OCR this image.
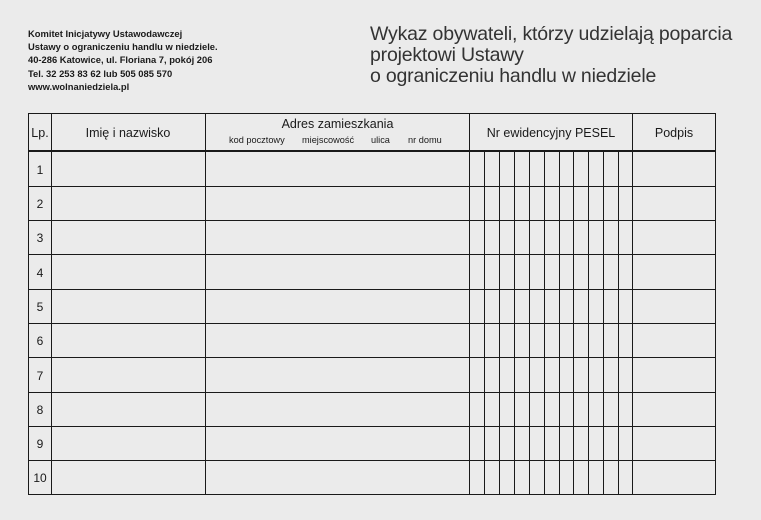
Komitet Inicjatywy Ustawodawczej
Ustawy o ograniczeniu handlu w niedziele.
40-286 Katowice, ul. Floriana 7, pokój 206
Tel. 32 253 83 62 lub 505 085 570
www.wolnaniedziela.pl
Wykaz obywateli, którzy udzielają poparcia
projektowi Ustawy
o ograniczeniu handlu w niedziele
Lp.	Imię i nazwisko
Adres zamieszkania
kod pocztowy miejscowość ulica nr domu
Nr ewidencyjny PESEL	Podpis
1
2
3
4
5
6
7
8
9
10
